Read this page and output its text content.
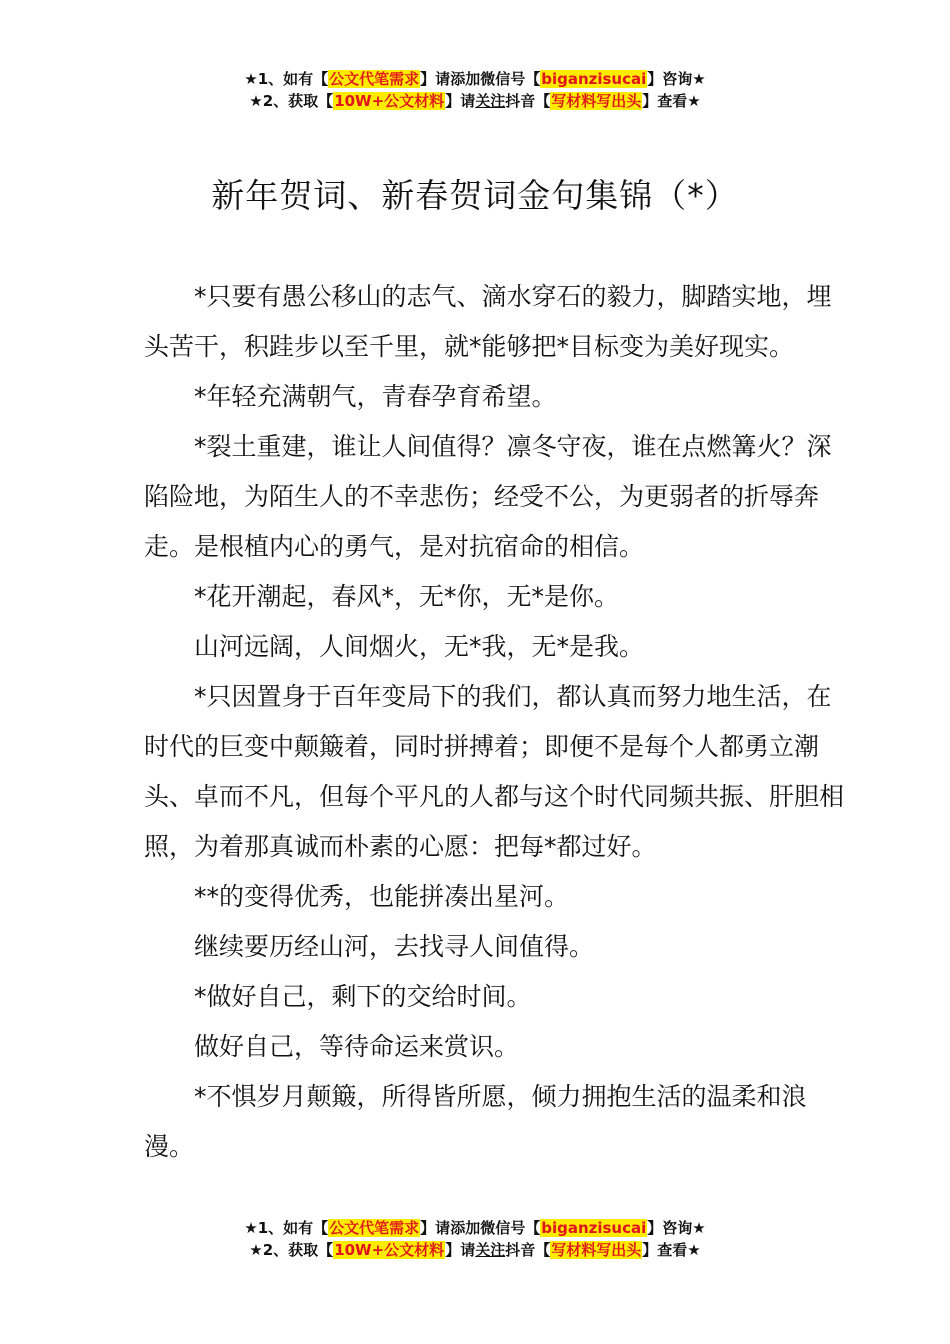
★1、如有【公文代笔需求】请添加微信号【biganzisucai】咨询★
★2、获取【10W+公文材料】请关注抖音【写材料写出头】查看★
新年贺词、新春贺词金句集锦（*）

*只要有愚公移山的志气、滴水穿石的毅力，脚踏实地，埋头苦干，积跬步以至千里，就*能够把*目标变为美好现实。

*年轻充满朝气，青春孕育希望。

*裂土重建，谁让人间值得？凛冬守夜，谁在点燃篝火？深陷险地，为陌生人的不幸悲伤；经受不公，为更弱者的折辱奔走。是根植内心的勇气，是对抗宿命的相信。

*花开潮起，春风*，无*你，无*是你。

山河远阔，人间烟火，无*我，无*是我。

*只因置身于百年变局下的我们，都认真而努力地生活，在时代的巨变中颠簸着，同时拼搏着；即便不是每个人都勇立潮头、卓而不凡，但每个平凡的人都与这个时代同频共振、肝胆相照，为着那真诚而朴素的心愿：把每*都过好。

**的变得优秀，也能拼凑出星河。

继续要历经山河，去找寻人间值得。

*做好自己，剩下的交给时间。

做好自己，等待命运来赏识。

*不惧岁月颠簸，所得皆所愿，倾力拥抱生活的温柔和浪漫。

★1、如有【公文代笔需求】请添加微信号【biganzisucai】咨询★
★2、获取【10W+公文材料】请关注抖音【写材料写出头】查看★
